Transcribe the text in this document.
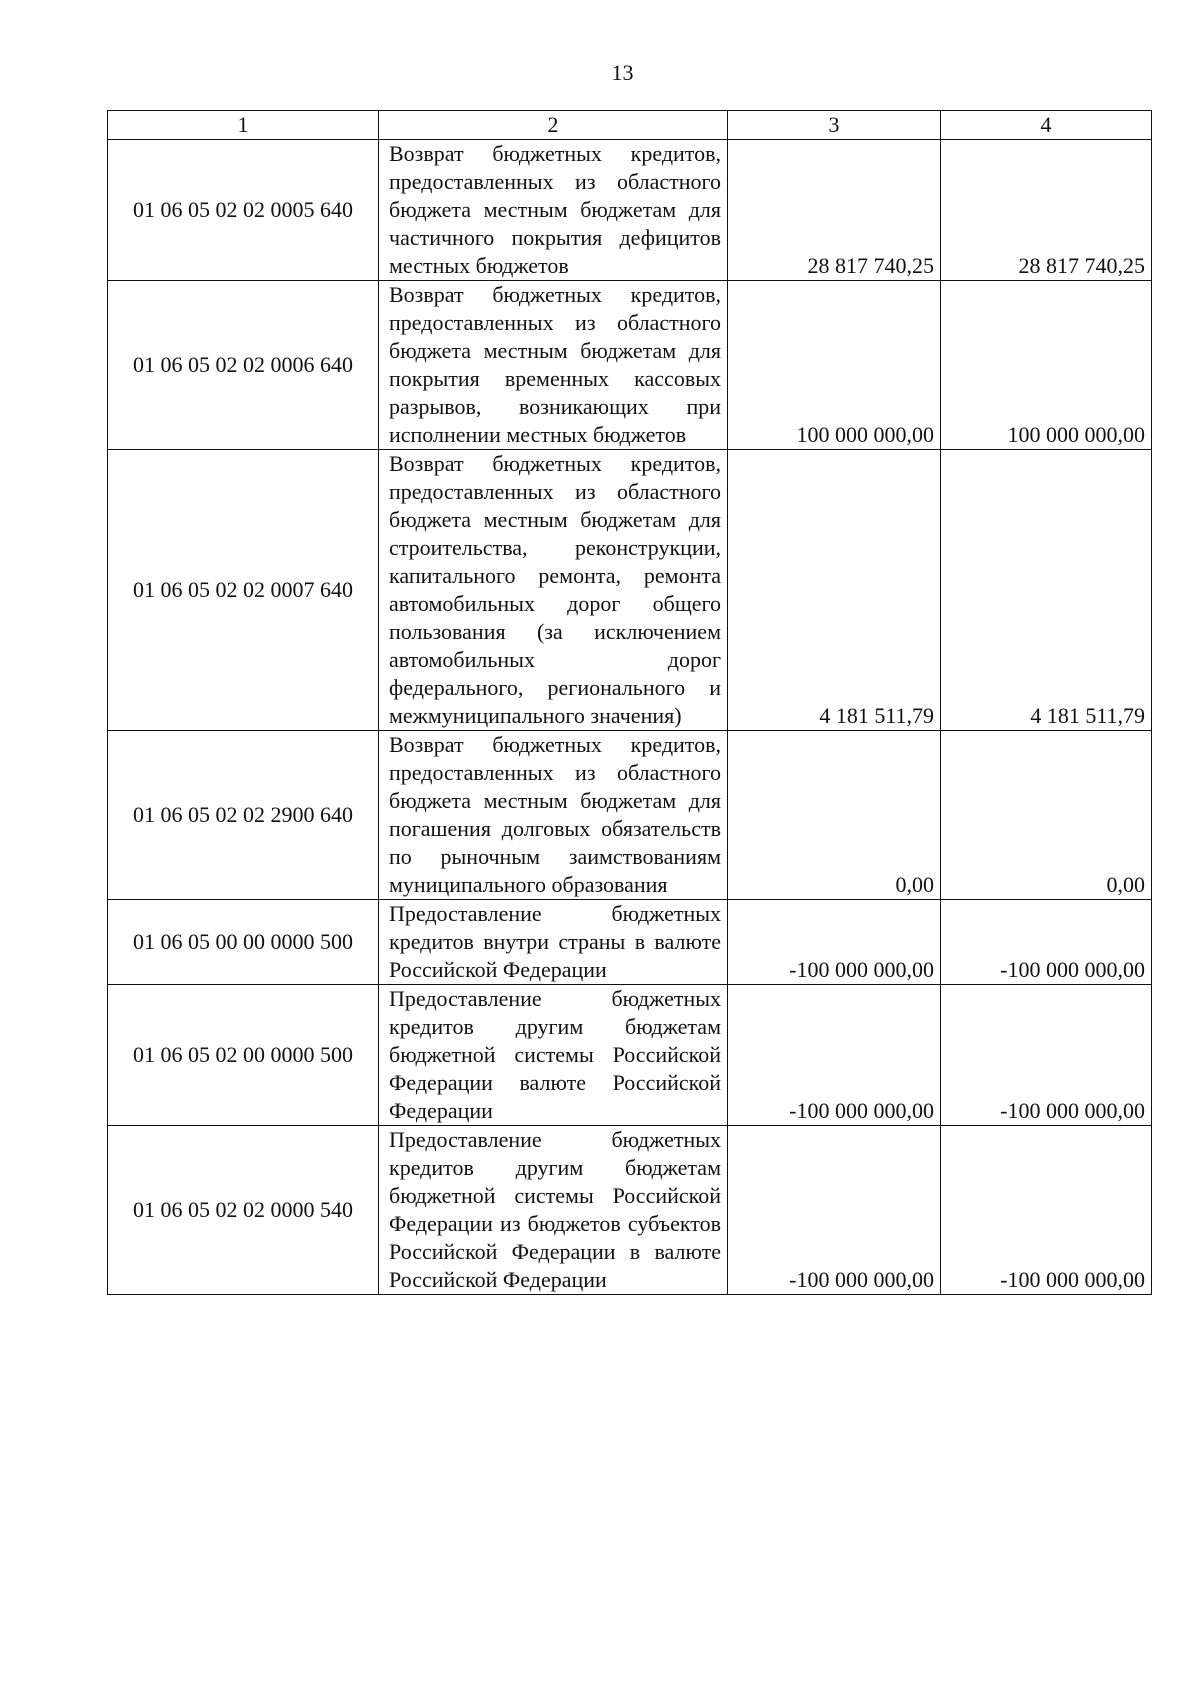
13
1	2	3	4
01 06 05 02 02 0005 640	Возврат бюджетных кредитов, предоставленных из областного бюджета местным бюджетам для частичного покрытия дефицитов местных бюджетов	28 817 740,25	28 817 740,25
01 06 05 02 02 0006 640	Возврат бюджетных кредитов, предоставленных из областного бюджета местным бюджетам для покрытия временных кассовых разрывов, возникающих при исполнении местных бюджетов	100 000 000,00	100 000 000,00
01 06 05 02 02 0007 640	Возврат бюджетных кредитов, предоставленных из областного бюджета местным бюджетам для строительства, реконструкции, капитального ремонта, ремонта автомобильных дорог общего пользования (за исключением автомобильных дорог федерального, регионального и межмуниципального значения)	4 181 511,79	4 181 511,79
01 06 05 02 02 2900 640	Возврат бюджетных кредитов, предоставленных из областного бюджета местным бюджетам для погашения долговых обязательств по рыночным заимствованиям муниципального образования	0,00	0,00
01 06 05 00 00 0000 500	Предоставление бюджетных кредитов внутри страны в валюте Российской Федерации	-100 000 000,00	-100 000 000,00
01 06 05 02 00 0000 500	Предоставление бюджетных кредитов другим бюджетам бюджетной системы Российской Федерации валюте Российской Федерации	-100 000 000,00	-100 000 000,00
01 06 05 02 02 0000 540	Предоставление бюджетных кредитов другим бюджетам бюджетной системы Российской Федерации из бюджетов субъектов Российской Федерации в валюте Российской Федерации	-100 000 000,00	-100 000 000,00
